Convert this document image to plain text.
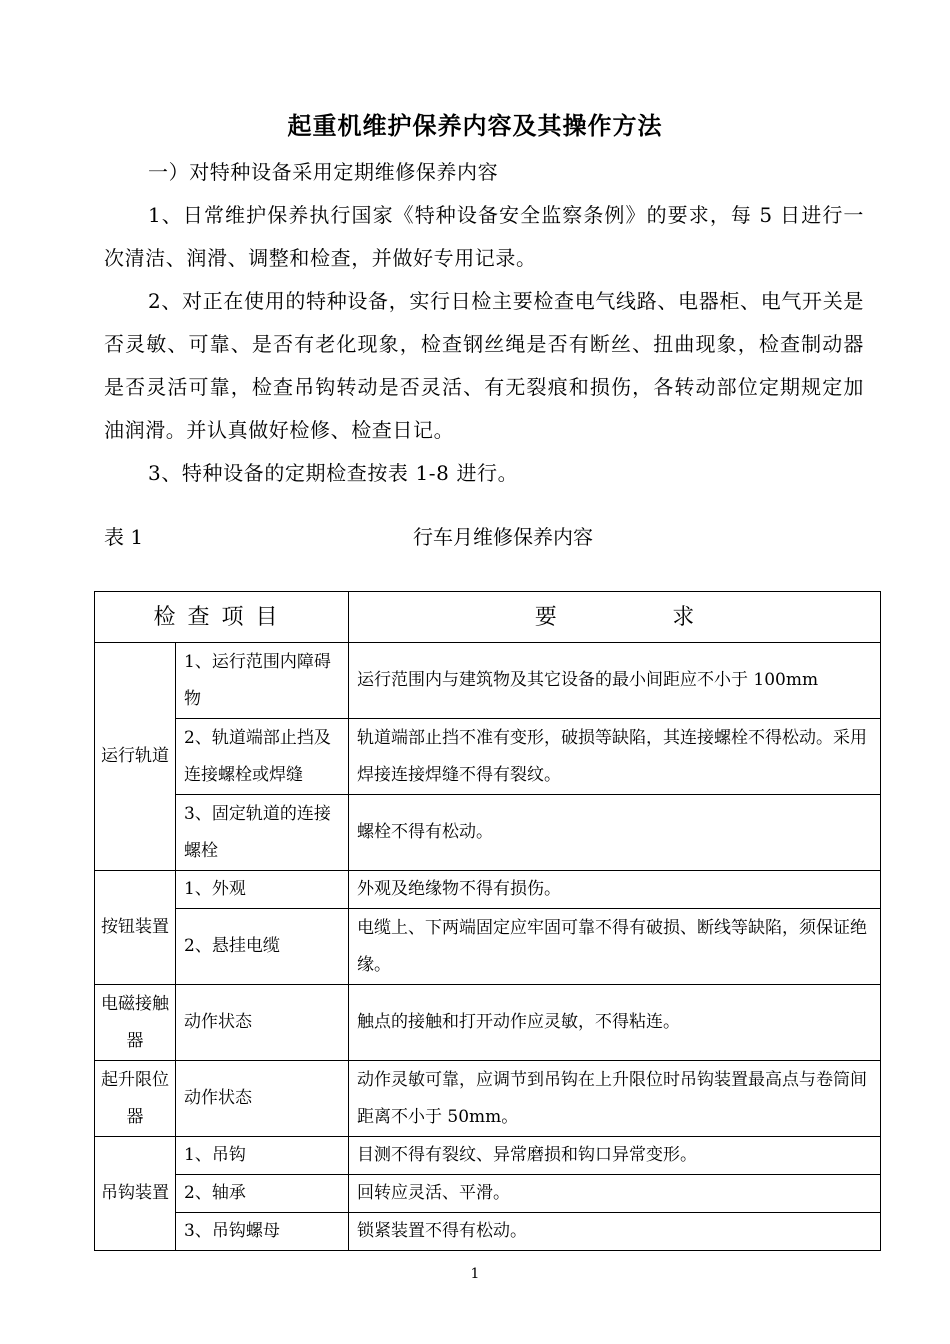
起重机维护保养内容及其操作方法
一）对特种设备采用定期维修保养内容
1、日常维护保养执行国家《特种设备安全监察条例》的要求，每 5 日进行一次清洁、润滑、调整和检查，并做好专用记录。
2、对正在使用的特种设备，实行日检主要检查电气线路、电器柜、电气开关是否灵敏、可靠、是否有老化现象，检查钢丝绳是否有断丝、扭曲现象，检查制动器是否灵活可靠，检查吊钩转动是否灵活、有无裂痕和损伤，各转动部位定期规定加油润滑。并认真做好检修、检查日记。
3、特种设备的定期检查按表 1-8 进行。
表 1	行车月维修保养内容
检查项目		要 求

运行轨道	1、运行范围内障碍物	运行范围内与建筑物及其它设备的最小间距应不小于 100mm
	2、轨道端部止挡及连接螺栓或焊缝	轨道端部止挡不准有变形，破损等缺陷，其连接螺栓不得松动。采用焊接连接焊缝不得有裂纹。
	3、固定轨道的连接螺栓	螺栓不得有松动。
按钮装置	1、外观	外观及绝缘物不得有损伤。
	2、悬挂电缆	电缆上、下两端固定应牢固可靠不得有破损、断线等缺陷，须保证绝缘。
电磁接触器	动作状态	触点的接触和打开动作应灵敏，不得粘连。
起升限位器	动作状态	动作灵敏可靠，应调节到吊钩在上升限位时吊钩装置最高点与卷筒间距离不小于 50mm。
吊钩装置	1、吊钩	目测不得有裂纹、异常磨损和钩口异常变形。
	2、轴承	回转应灵活、平滑。
	3、吊钩螺母	锁紧装置不得有松动。
1
